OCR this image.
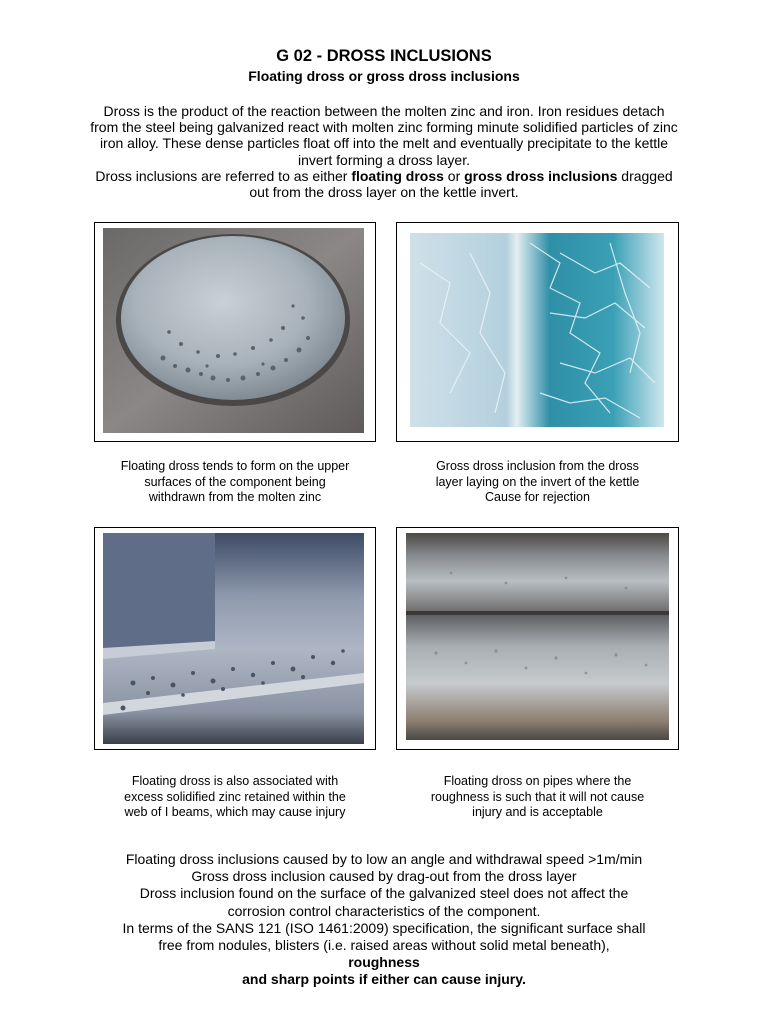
G 02 - DROSS INCLUSIONS
Floating dross or gross dross inclusions

Dross is the product of the reaction between the molten zinc and iron. Iron residues detach from the steel being galvanized react with molten zinc forming minute solidified particles of zinc iron alloy. These dense particles float off into the melt and eventually precipitate to the kettle invert forming a dross layer.

Dross inclusions are referred to as either floating dross or gross dross inclusions dragged out from the dross layer on the kettle invert.

Floating dross tends to form on the upper
surfaces of the component being
withdrawn from the molten zinc
Gross dross inclusion from the dross
layer laying on the invert of the kettle
Cause for rejection
Floating dross is also associated with
excess solidified zinc retained within the
web of I beams, which may cause injury
Floating dross on pipes where the
roughness is such that it will not cause
injury and is acceptable
Floating dross inclusions caused by to low an angle and withdrawal speed >1m/min
Gross dross inclusion caused by drag-out from the dross layer
Dross inclusion found on the surface of the galvanized steel does not affect the
corrosion control characteristics of the component.
In terms of the SANS 121 (ISO 1461:2009) specification, the significant surface shall
free from nodules, blisters (i.e. raised areas without solid metal beneath),
roughness
and sharp points if either can cause injury.
